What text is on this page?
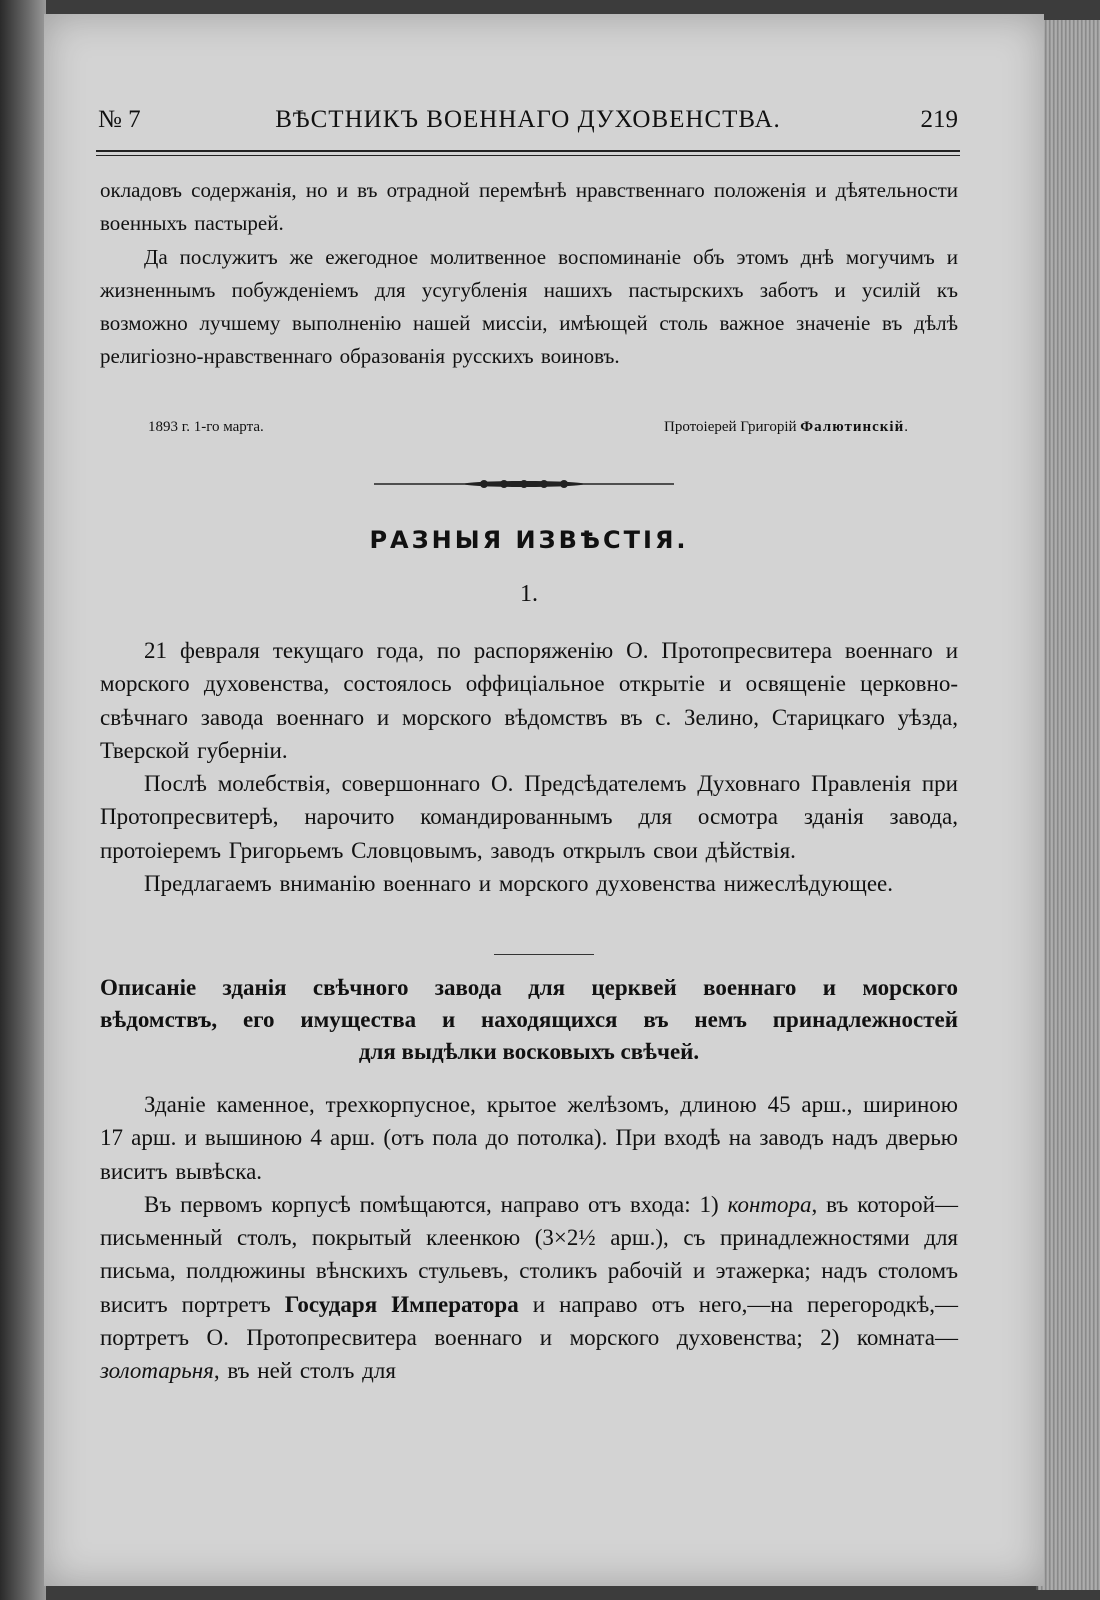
№ 7	ВѢСТНИКЪ ВОЕННАГО ДУХОВЕНСТВА.	219

окладовъ содержанія, но и въ отрадной перемѣнѣ нравственнаго положенія и дѣятельности военныхъ пастырей.

Да послужитъ же ежегодное молитвенное воспоминаніе объ этомъ днѣ могучимъ и жизненнымъ побужденіемъ для усугубленія нашихъ пастырскихъ заботъ и усилій къ возможно лучшему выполненію нашей миссіи, имѣющей столь важное значеніе въ дѣлѣ религіозно-нравственнаго образованія русскихъ воиновъ.

1893 г. 1-го марта.	Протоіерей Григорій Фалютинскій.
РАЗНЫЯ ИЗВѢСТІЯ.
1.

21 февраля текущаго года, по распоряженію О. Протопресвитера военнаго и морского духовенства, состоялось оффиціальное открытіе и освященіе церковно-свѣчнаго завода военнаго и морского вѣдомствъ въ с. Зелино, Старицкаго уѣзда, Тверской губерніи.

Послѣ молебствія, совершоннаго О. Предсѣдателемъ Духовнаго Правленія при Протопресвитерѣ, нарочито командированнымъ для осмотра зданія завода, протоіеремъ Григорьемъ Словцовымъ, заводъ открылъ свои дѣйствія.

Предлагаемъ вниманію военнаго и морского духовенства нижеслѣдующее.

Описаніе зданія свѣчного завода для церквей военнаго и морского
вѣдомствъ, его имущества и находящихся въ немъ принадлежностей
для выдѣлки восковыхъ свѣчей.

Зданіе каменное, трехкорпусное, крытое желѣзомъ, длиною 45 арш., шириною 17 арш. и вышиною 4 арш. (отъ пола до потолка). При входѣ на заводъ надъ дверью виситъ вывѣска.

Въ первомъ корпусѣ помѣщаются, направо отъ входа: 1) контора, въ которой—письменный столъ, покрытый клеенкою (3×2½ арш.), съ принадлежностями для письма, полдюжины вѣнскихъ стульевъ, столикъ рабочій и этажерка; надъ столомъ виситъ портретъ Государя Императора и направо отъ него,—на перегородкѣ,—портретъ О. Протопресвитера военнаго и морского духовенства; 2) комната—золотарьня, въ ней столъ для
